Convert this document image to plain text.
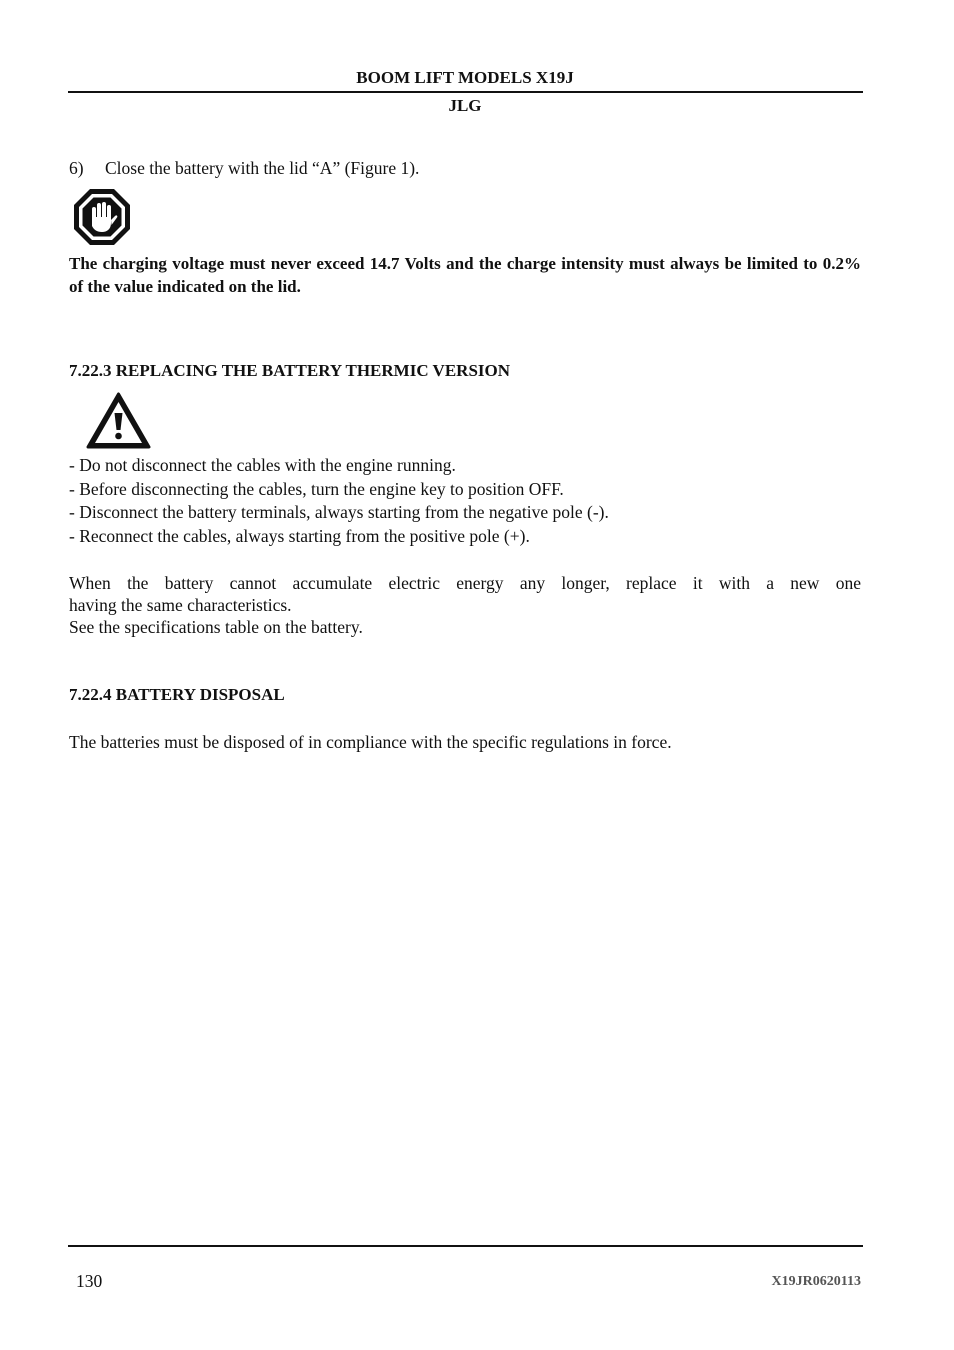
BOOM LIFT MODELS X19J
JLG
6) Close the battery with the lid “A” (Figure 1).
The charging voltage must never exceed 14.7 Volts and the charge intensity must always be limited to 0.2% of the value indicated on the lid.
7.22.3 REPLACING THE BATTERY THERMIC VERSION
- Do not disconnect the cables with the engine running.
- Before disconnecting the cables, turn the engine key to position OFF.
- Disconnect the battery terminals, always starting from the negative pole (-).
- Reconnect the cables, always starting from the positive pole (+).
When the battery cannot accumulate electric energy any longer, replace it with a new one
having the same characteristics.
See the specifications table on the battery.
7.22.4 BATTERY DISPOSAL
The batteries must be disposed of in compliance with the specific regulations in force.
130	X19JR0620113
